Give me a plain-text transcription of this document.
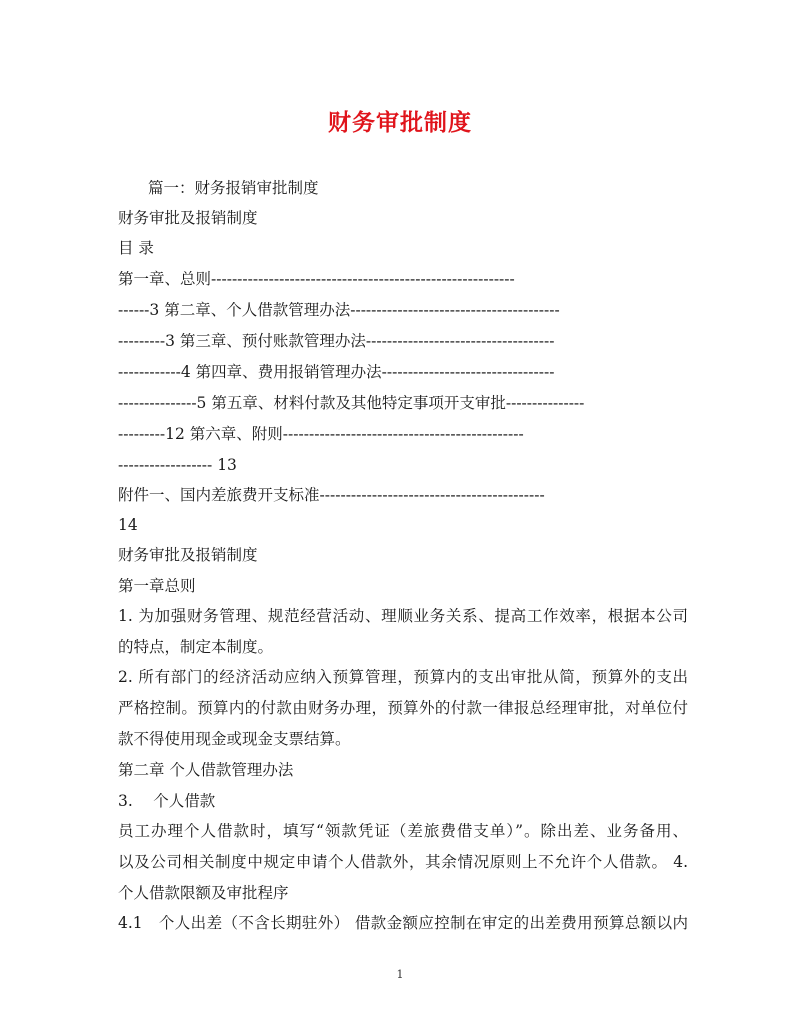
财务审批制度
篇一：财务报销审批制度
财务审批及报销制度
目 录
第一章、总则----------------------------------------------------------
------3 第二章、个人借款管理办法----------------------------------------
---------3 第三章、预付账款管理办法------------------------------------
------------4 第四章、费用报销管理办法---------------------------------
---------------5 第五章、材料付款及其他特定事项开支审批---------------
---------12 第六章、附则----------------------------------------------
------------------ 13
附件一、国内差旅费开支标准-------------------------------------------
14
财务审批及报销制度
第一章总则
1. 为加强财务管理、规范经营活动、理顺业务关系、提高工作效率，根据本公司
的特点，制定本制度。
2. 所有部门的经济活动应纳入预算管理，预算内的支出审批从简，预算外的支出
严格控制。预算内的付款由财务办理，预算外的付款一律报总经理审批，对单位付
款不得使用现金或现金支票结算。
第二章 个人借款管理办法
3.　 个人借款
员工办理个人借款时，填写“领款凭证（差旅费借支单）”。除出差、业务备用、
以及公司相关制度中规定申请个人借款外，其余情况原则上不允许个人借款。 4.
个人借款限额及审批程序
4.1　个人出差（不含长期驻外） 借款金额应控制在审定的出差费用预算总额以内
1
